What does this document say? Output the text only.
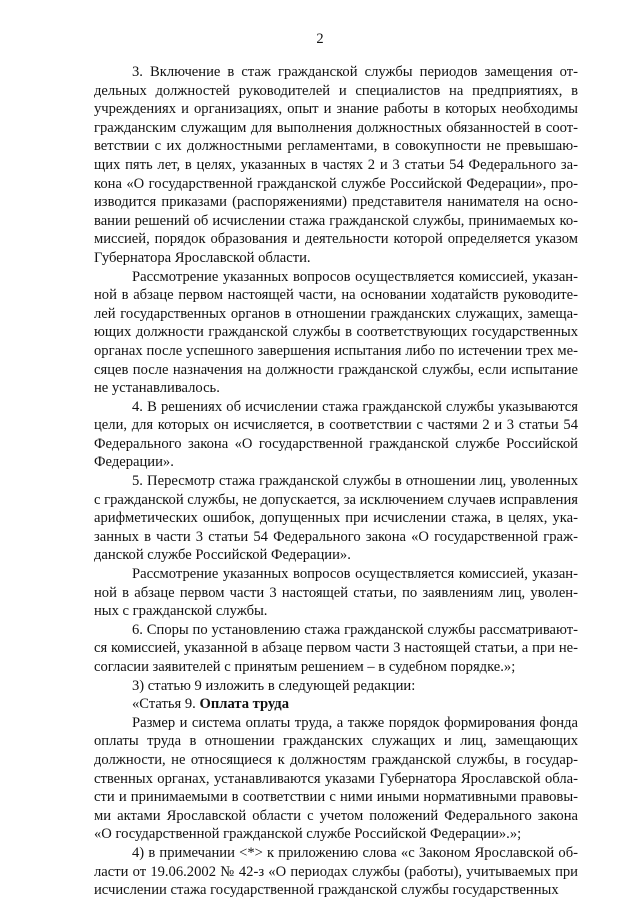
2

3. Включение в стаж гражданской службы периодов замещения отдельных должностей руководителей и специалистов на предприятиях, в учреждениях и организациях, опыт и знание работы в которых необходимы гражданским служащим для выполнения должностных обязанностей в соответствии с их должностными регламентами, в совокупности не превышающих пять лет, в целях, указанных в частях 2 и 3 статьи 54 Федерального закона «О государственной гражданской службе Российской Федерации», производится приказами (распоряжениями) представителя нанимателя на основании решений об исчислении стажа гражданской службы, принимаемых комиссией, порядок образования и деятельности которой определяется указом Губернатора Ярославской области.

Рассмотрение указанных вопросов осуществляется комиссией, указанной в абзаце первом настоящей части, на основании ходатайств руководителей государственных органов в отношении гражданских служащих, замещающих должности гражданской службы в соответствующих государственных органах после успешного завершения испытания либо по истечении трех месяцев после назначения на должности гражданской службы, если испытание не устанавливалось.

4. В решениях об исчислении стажа гражданской службы указываются цели, для которых он исчисляется, в соответствии с частями 2 и 3 статьи 54 Федерального закона «О государственной гражданской службе Российской Федерации».

5. Пересмотр стажа гражданской службы в отношении лиц, уволенных с гражданской службы, не допускается, за исключением случаев исправления арифметических ошибок, допущенных при исчислении стажа, в целях, указанных в части 3 статьи 54 Федерального закона «О государственной гражданской службе Российской Федерации».

Рассмотрение указанных вопросов осуществляется комиссией, указанной в абзаце первом части 3 настоящей статьи, по заявлениям лиц, уволенных с гражданской службы.

6. Споры по установлению стажа гражданской службы рассматриваются комиссией, указанной в абзаце первом части 3 настоящей статьи, а при несогласии заявителей с принятым решением – в судебном порядке.»;

3) статью 9 изложить в следующей редакции:

«Статья 9. Оплата труда

Размер и система оплаты труда, а также порядок формирования фонда оплаты труда в отношении гражданских служащих и лиц, замещающих должности, не относящиеся к должностям гражданской службы, в государственных органах, устанавливаются указами Губернатора Ярославской области и принимаемыми в соответствии с ними иными нормативными правовыми актами Ярославской области с учетом положений Федерального закона «О государственной гражданской службе Российской Федерации».»;

4) в примечании <*> к приложению слова «с Законом Ярославской области от 19.06.2002 № 42-з «О периодах службы (работы), учитываемых при исчислении стажа государственной гражданской службы государственных
